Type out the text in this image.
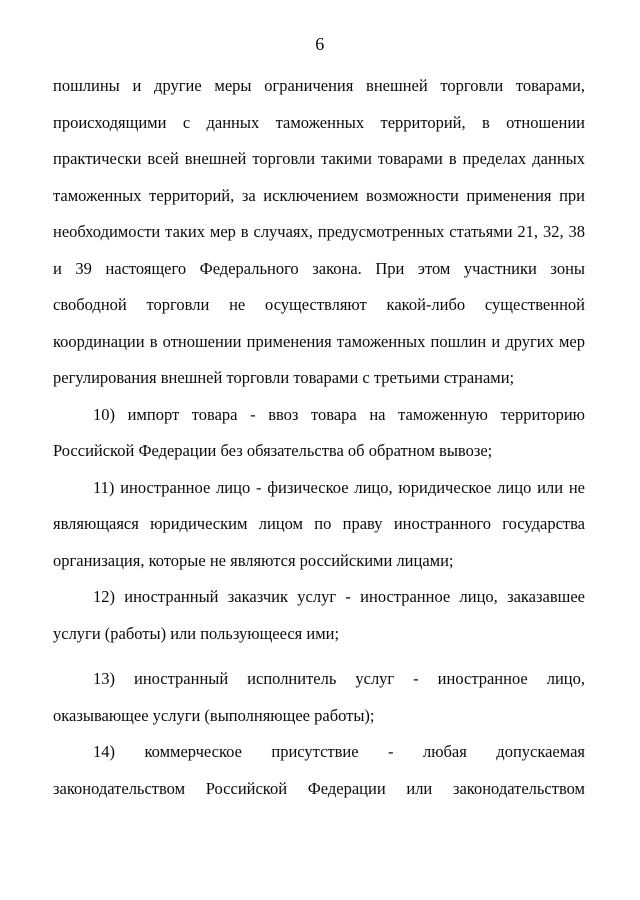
6
пошлины и другие меры ограничения внешней торговли товарами,
происходящими с данных таможенных территорий, в отношении
практически всей внешней торговли такими товарами в пределах данных
таможенных территорий, за исключением возможности применения при
необходимости таких мер в случаях, предусмотренных статьями 21, 32, 38
и 39 настоящего Федерального закона. При этом участники зоны
свободной торговли не осуществляют какой-либо существенной
координации в отношении применения таможенных пошлин и других мер
регулирования внешней торговли товарами с третьими странами;
10) импорт товара - ввоз товара на таможенную территорию
Российской Федерации без обязательства об обратном вывозе;
11) иностранное лицо - физическое лицо, юридическое лицо или не
являющаяся юридическим лицом по праву иностранного государства
организация, которые не являются российскими лицами;
12) иностранный заказчик услуг - иностранное лицо, заказавшее
услуги (работы) или пользующееся ими;
13) иностранный исполнитель услуг - иностранное лицо,
оказывающее услуги (выполняющее работы);
14) коммерческое присутствие - любая допускаемая
законодательством Российской Федерации или законодательством
